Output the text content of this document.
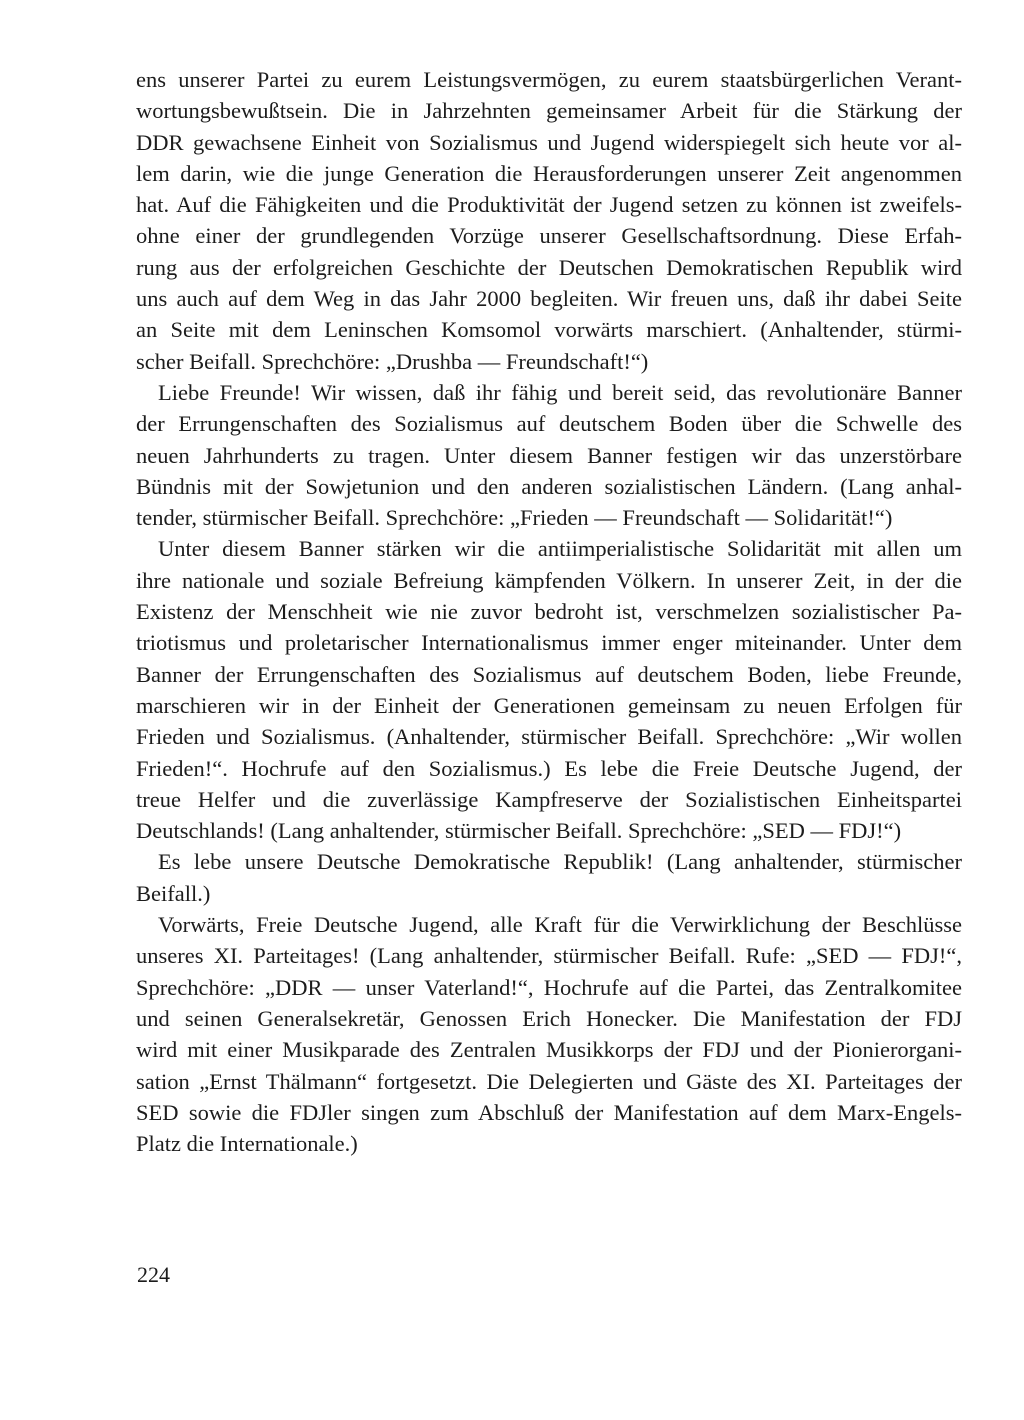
ens unserer Partei zu eurem Leistungsvermögen, zu eurem staatsbürgerlichen Verant-
wortungsbewußtsein. Die in Jahrzehnten gemeinsamer Arbeit für die Stärkung der
DDR gewachsene Einheit von Sozialismus und Jugend widerspiegelt sich heute vor al-
lem darin, wie die junge Generation die Herausforderungen unserer Zeit angenommen
hat. Auf die Fähigkeiten und die Produktivität der Jugend setzen zu können ist zweifels-
ohne einer der grundlegenden Vorzüge unserer Gesellschaftsordnung. Diese Erfah-
rung aus der erfolgreichen Geschichte der Deutschen Demokratischen Republik wird
uns auch auf dem Weg in das Jahr 2000 begleiten. Wir freuen uns, daß ihr dabei Seite
an Seite mit dem Leninschen Komsomol vorwärts marschiert. (Anhaltender, stürmi-
scher Beifall. Sprechchöre: „Drushba — Freundschaft!“)
Liebe Freunde! Wir wissen, daß ihr fähig und bereit seid, das revolutionäre Banner
der Errungenschaften des Sozialismus auf deutschem Boden über die Schwelle des
neuen Jahrhunderts zu tragen. Unter diesem Banner festigen wir das unzerstörbare
Bündnis mit der Sowjetunion und den anderen sozialistischen Ländern. (Lang anhal-
tender, stürmischer Beifall. Sprechchöre: „Frieden — Freundschaft — Solidarität!“)
Unter diesem Banner stärken wir die antiimperialistische Solidarität mit allen um
ihre nationale und soziale Befreiung kämpfenden Völkern. In unserer Zeit, in der die
Existenz der Menschheit wie nie zuvor bedroht ist, verschmelzen sozialistischer Pa-
triotismus und proletarischer Internationalismus immer enger miteinander. Unter dem
Banner der Errungenschaften des Sozialismus auf deutschem Boden, liebe Freunde,
marschieren wir in der Einheit der Generationen gemeinsam zu neuen Erfolgen für
Frieden und Sozialismus. (Anhaltender, stürmischer Beifall. Sprechchöre: „Wir wollen
Frieden!“. Hochrufe auf den Sozialismus.) Es lebe die Freie Deutsche Jugend, der
treue Helfer und die zuverlässige Kampfreserve der Sozialistischen Einheitspartei
Deutschlands! (Lang anhaltender, stürmischer Beifall. Sprechchöre: „SED — FDJ!“)
Es lebe unsere Deutsche Demokratische Republik! (Lang anhaltender, stürmischer
Beifall.)
Vorwärts, Freie Deutsche Jugend, alle Kraft für die Verwirklichung der Beschlüsse
unseres XI. Parteitages! (Lang anhaltender, stürmischer Beifall. Rufe: „SED — FDJ!“,
Sprechchöre: „DDR — unser Vaterland!“, Hochrufe auf die Partei, das Zentralkomitee
und seinen Generalsekretär, Genossen Erich Honecker. Die Manifestation der FDJ
wird mit einer Musikparade des Zentralen Musikkorps der FDJ und der Pionierorgani-
sation „Ernst Thälmann“ fortgesetzt. Die Delegierten und Gäste des XI. Parteitages der
SED sowie die FDJler singen zum Abschluß der Manifestation auf dem Marx-Engels-
Platz die Internationale.)
224
